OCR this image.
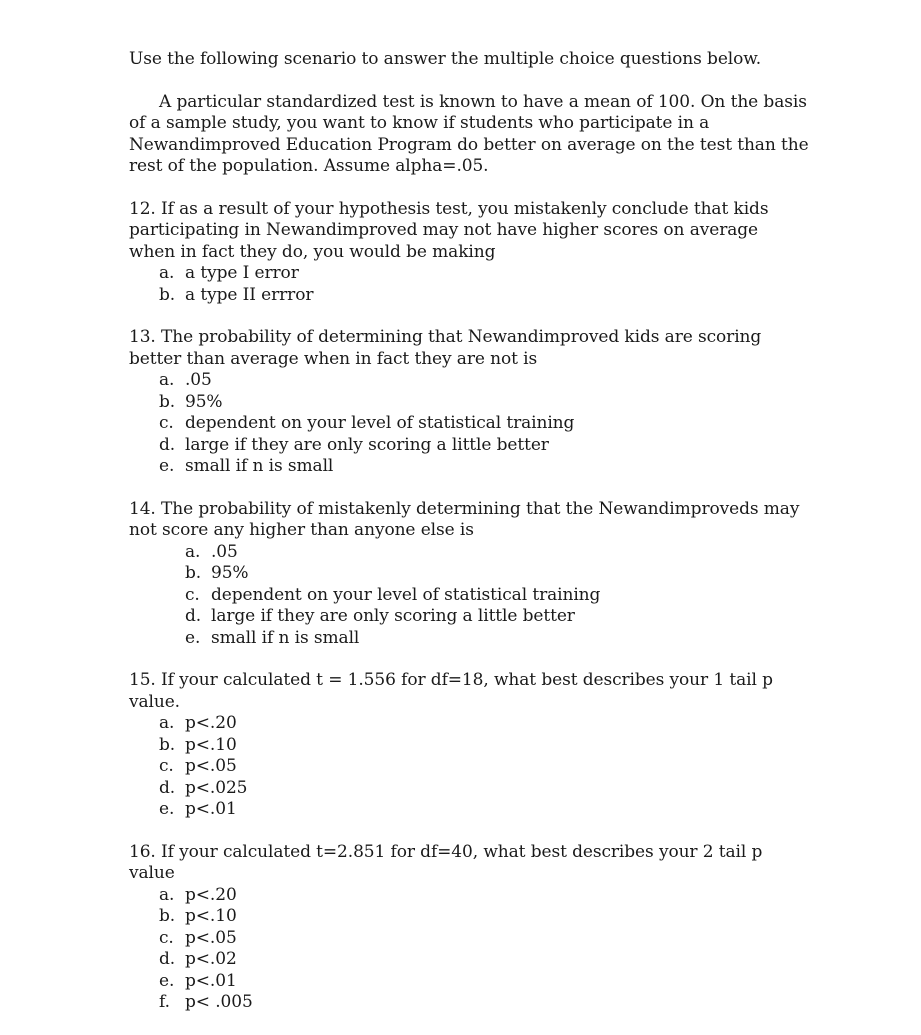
Use the following scenario to answer the multiple choice questions below.

A particular standardized test is known to have a mean of 100. On the basis of a sample study, you want to know if students who participate in a Newandimproved Education Program do better on average on the test than the rest of the population. Assume alpha=.05.

12. If as a result of your hypothesis test, you mistakenly conclude that kids participating in Newandimproved may not have higher scores on average when in fact they do, you would be making

a. a type I error
b. a type II errror

13. The probability of determining that Newandimproved kids are scoring better than average when in fact they are not is

a. .05
b. 95%
c. dependent on your level of statistical training
d. large if they are only scoring a little better
e. small if n is small

14. The probability of mistakenly determining that the Newandimproveds may not score any higher than anyone else is

a. .05
b. 95%
c. dependent on your level of statistical training
d. large if they are only scoring a little better
e. small if n is small

15. If your calculated t = 1.556 for df=18, what best describes your 1 tail p value.

a. p<.20
b. p<.10
c. p<.05
d. p<.025
e. p<.01

16. If your calculated t=2.851 for df=40, what best describes your 2 tail p value

a. p<.20
b. p<.10
c. p<.05
d. p<.02
e. p<.01
f. p< .005
